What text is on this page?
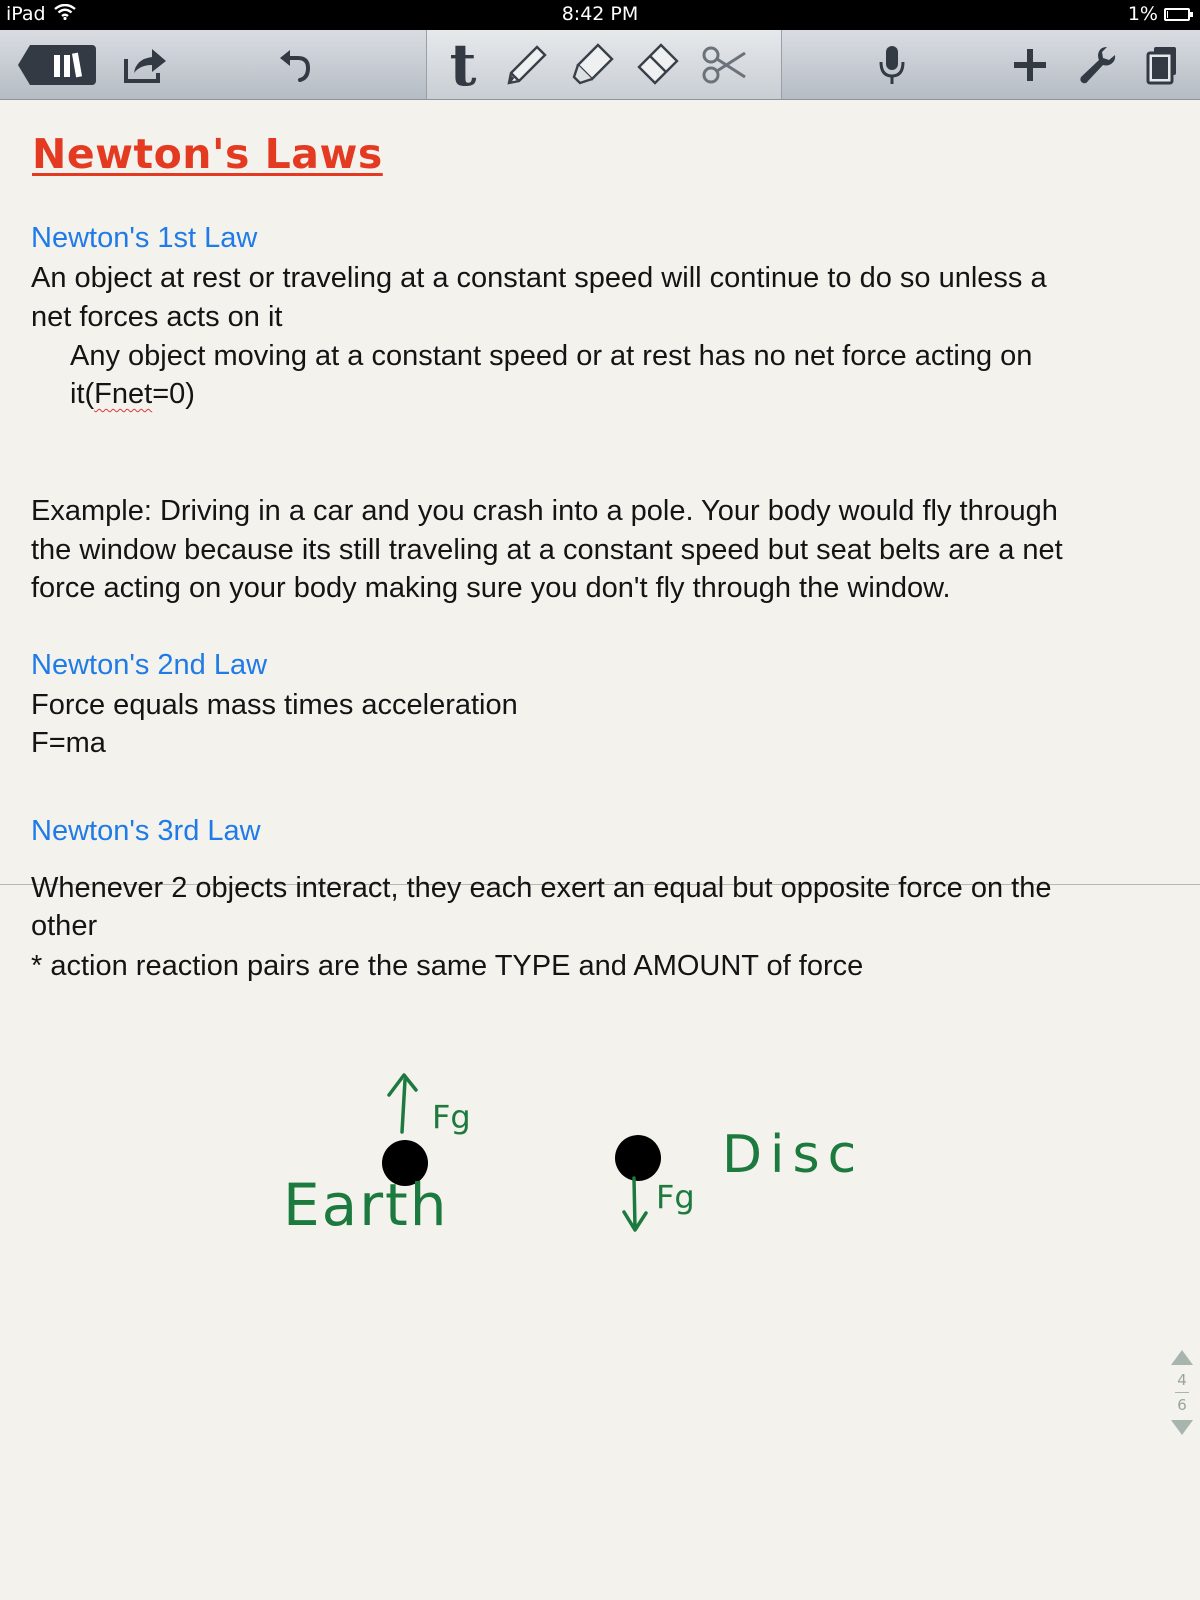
iPad	8:42 PM	1%
t
Newton's Laws

Newton's 1st Law

An object at rest or traveling at a constant speed will continue to do so unless a

net forces acts on it

Any object moving at a constant speed or at rest has no net force acting on

it(Fnet=0)

Example: Driving in a car and you crash into a pole. Your body would fly through

the window because its still traveling at a constant speed but seat belts are a net

force acting on your body making sure you don't fly through the window.

Newton's 2nd Law

Force equals mass times acceleration

F=ma

Newton's 3rd Law

Whenever 2 objects interact, they each exert an equal but opposite force on the

other

* action reaction pairs are the same TYPE and AMOUNT of force

Fg
Earth	Fg
Disc
4
6
